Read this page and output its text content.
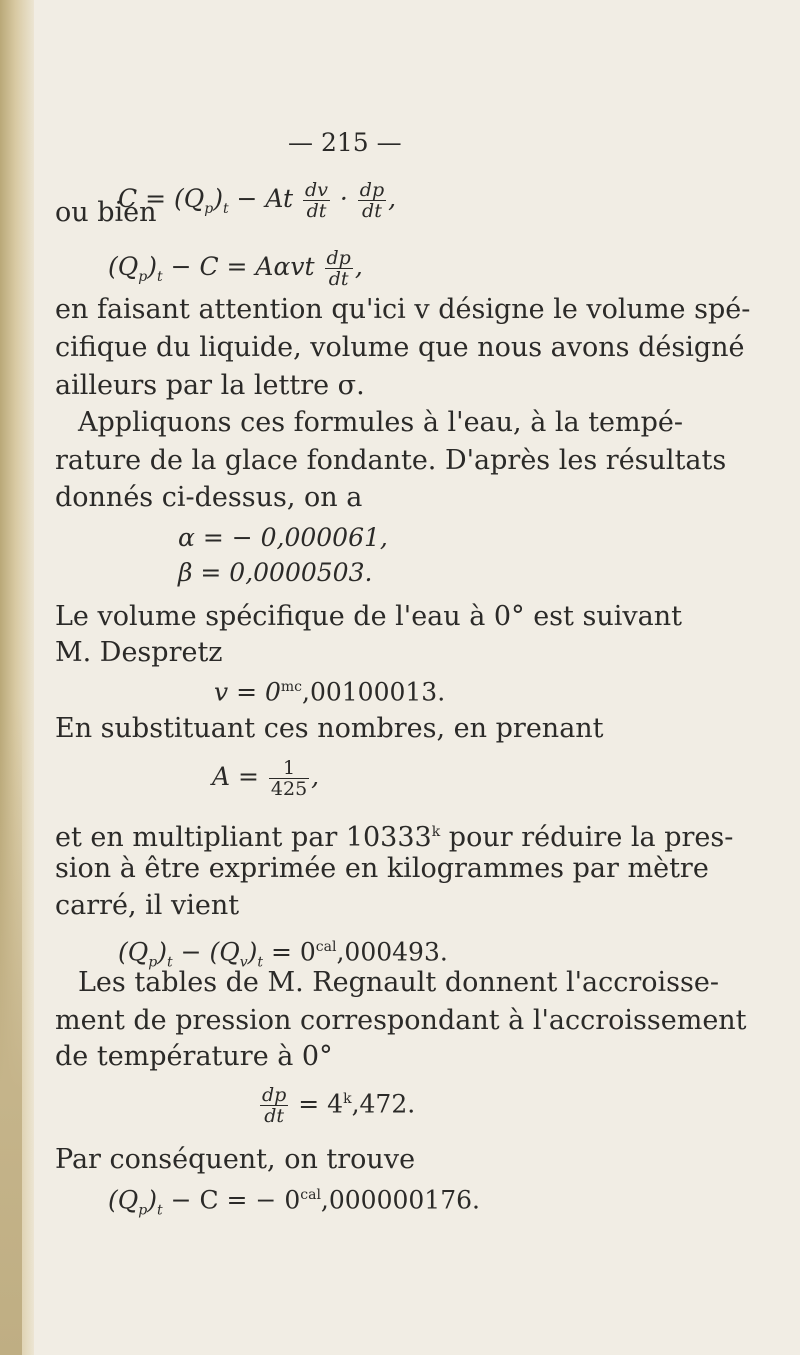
— 215 —
$C = (Q_p)_t - At \frac{dv}{dt} \cdot \frac{dp}{dt}$ ,
ou bien
$(Q_p)_t - C = A\alpha vt \frac{dp}{dt}$ ,
en faisant attention qu'ici v désigne le volume spé-
cifique du liquide, volume que nous avons désigné
ailleurs par la lettre σ.
Appliquons ces formules à l'eau, à la tempé-
rature de la glace fondante. D'après les résultats
donnés ci-dessus, on a
α = − 0,000061,
β = 0,0000503.
Le volume spécifique de l'eau à 0° est suivant
M. Despretz
$v = 0^{mc},00100013$.
En substituant ces nombres, en prenant
$A = \frac{1}{425}$ ,
et en multipliant par 10333$^k$ pour réduire la pres-
sion à être exprimée en kilogrammes par mètre
carré, il vient
$(Q_p)_t - (Q_v)_t = 0^{cal},000493$.
Les tables de M. Regnault donnent l'accroisse-
ment de pression correspondant à l'accroissement
de température à 0°
$\frac{dp}{dt} = 4^k,472$.
Par conséquent, on trouve
$(Q_p)_t - C$ = − $0^{cal},000000176$.
